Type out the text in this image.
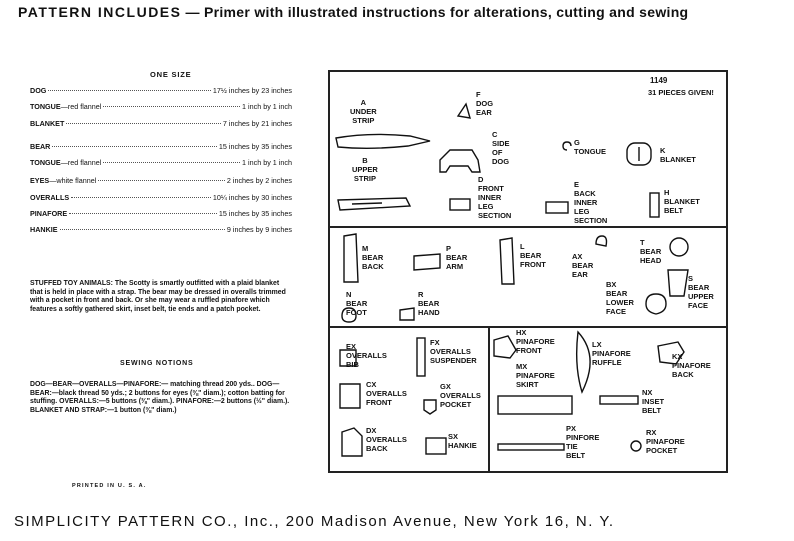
PATTERN INCLUDES — Primer with illustrated instructions for alterations, cutting and sewing
ONE SIZE
DOG	17½ inches by 23 inches
TONGUE —red flannel	1 inch by 1 inch
BLANKET	7 inches by 21 inches
BEAR	15 inches by 35 inches
TONGUE —red flannel	1 inch by 1 inch
EYES —white flannel	2 inches by 2 inches
OVERALLS	10¼ inches by 30 inches
PINAFORE	15 inches by 35 inches
HANKIE	9 inches by 9 inches
STUFFED TOY ANIMALS: The Scotty is smartly outfitted with a plaid blanket that is held in place with a strap. The bear may be dressed in overalls trimmed with a pocket in front and back. Or she may wear a ruffled pinafore which features a softly gathered skirt, inset belt, tie ends and a patch pocket.
SEWING NOTIONS
DOG—BEAR—OVERALLS—PINAFORE:— matching thread 200 yds.. DOG—BEAR:—black thread 50 yds.; 2 buttons for eyes (⅜" diam.); cotton batting for stuffing. OVERALLS:—5 buttons (⅜" diam.). PINAFORE:—2 buttons (½" diam.). BLANKET AND STRAP:—1 button (⅜" diam.)
PRINTED IN U. S. A.
1149
31 PIECES GIVEN!
A
UNDER
STRIP
B
UPPER
STRIP
F
DOG
EAR
C
SIDE
OF
DOG
G
TONGUE	K
BLANKET
D
FRONT
INNER
LEG
SECTION
E
BACK
INNER
LEG
SECTION
H
BLANKET
BELT
M
BEAR
BACK
P
BEAR
ARM
L
BEAR
FRONT
AX
BEAR
EAR
T
BEAR
HEAD
BX
BEAR
LOWER
FACE
S
BEAR
UPPER
FACE
N
BEAR
FOOT
R
BEAR
HAND
EX
OVERALLS
BIB
FX
OVERALLS
SUSPENDER
CX
OVERALLS
FRONT
GX
OVERALLS
POCKET
DX
OVERALLS
BACK
SX
HANKIE
HX
PINAFORE
FRONT
MX
PINAFORE
SKIRT
LX
PINAFORE
RUFFLE
KX
PINAFORE
BACK
NX
INSET
BELT
PX
PINFORE
TIE
BELT
RX
PINAFORE
POCKET
SIMPLICITY PATTERN CO., Inc., 200 Madison Avenue, New York 16, N. Y.
